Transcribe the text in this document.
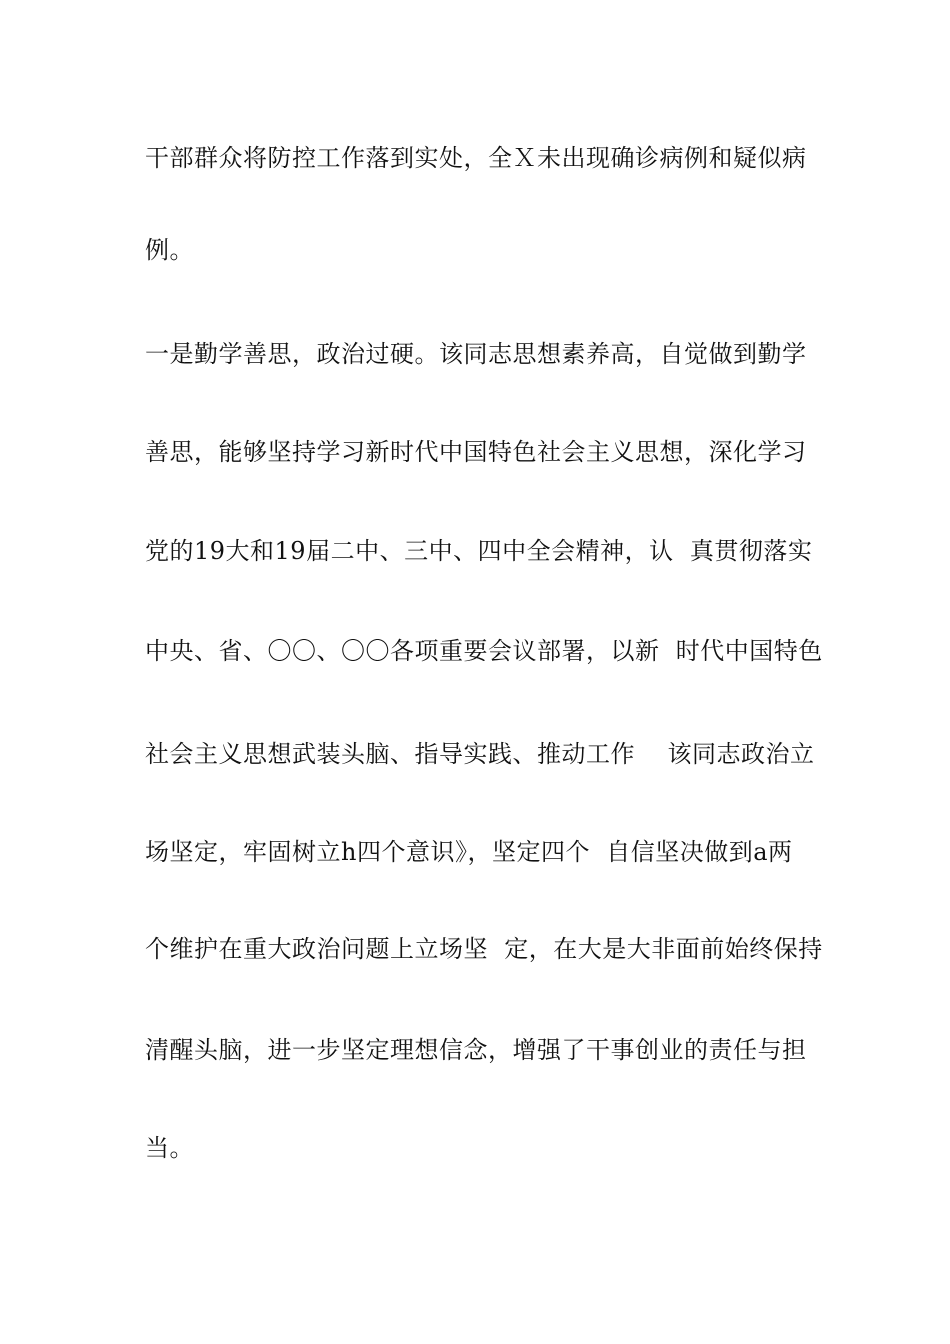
干部群众将防控工作落到实处，全Ｘ未出现确诊病例和疑似病
例。
一是勤学善思，政治过硬。该同志思想素养高，自觉做到勤学
善思，能够坚持学习新时代中国特色社会主义思想，深化学习
党的19大和19届二中、三中、四中全会精神，认  真贯彻落实
中央、省、〇〇、〇〇各项重要会议部署，以新  时代中国特色
社会主义思想武装头脑、指导实践、推动工作    该同志政治立
场坚定，牢固树立h四个意识》，坚定四个  自信坚决做到a两
个维护在重大政治问题上立场坚  定，在大是大非面前始终保持
清醒头脑，进一步坚定理想信念，增强了干事创业的责任与担
当。
